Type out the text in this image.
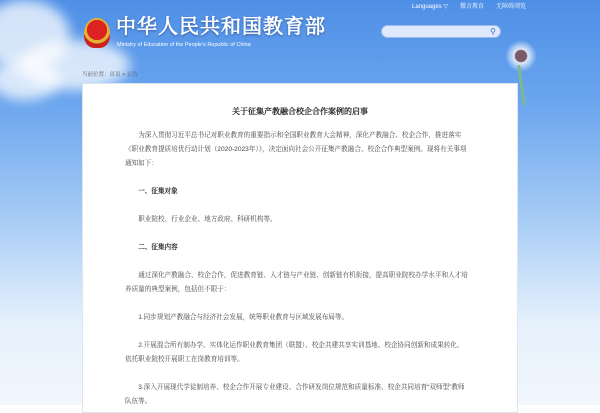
Languages ▽ 微言教育 无障碍浏览
中华人民共和国教育部
Ministry of Education of the People's Republic of China
⚲
当前位置：首页 > 公告
关于征集产教融合校企合作案例的启事

为深入贯彻习近平总书记对职业教育的重要指示和全国职业教育大会精神，深化产教融合、校企合作，推进落实《职业教育提质培优行动计划（2020-2023年）》，决定面向社会公开征集产教融合、校企合作典型案例。现将有关事项通知如下：

一、征集对象

职业院校、行业企业、地方政府、科研机构等。

二、征集内容

通过深化产教融合、校企合作，促进教育链、人才链与产业链、创新链有机衔接，提高职业院校办学水平和人才培养质量的典型案例，包括但不限于：

1.同步规划产教融合与经济社会发展，统筹职业教育与区域发展布局等。

2.开展混合所有制办学、实体化运作职业教育集团（联盟）、校企共建共享实训基地、校企协同创新和成果转化、依托职业院校开展职工在岗教育培训等。

3.深入开展现代学徒制培养、校企合作开展专业建设、合作研发岗位规范和质量标准、校企共同培育“双师型”教师队伍等。
